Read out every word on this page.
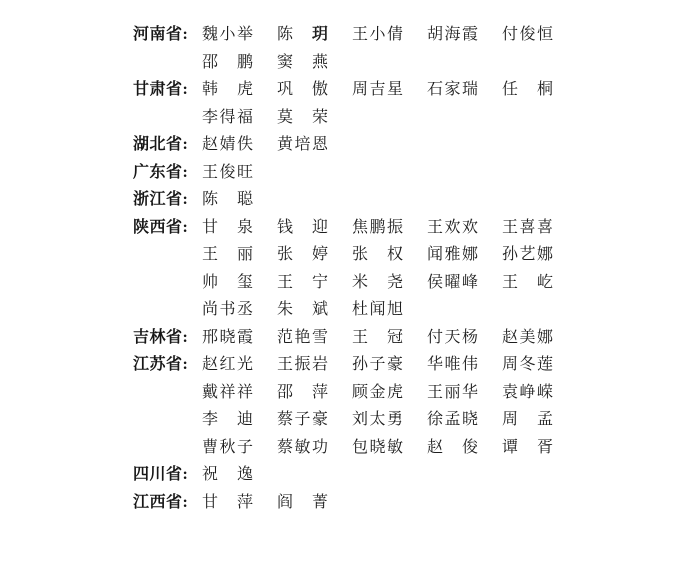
河南省: 魏 小 举 陈 玥 王 小 倩 胡 海 霞 付 俊 恒
邵 鹏 窦 燕
甘肃省: 韩 虎 巩 傲 周 吉 星 石 家 瑞 任 桐
李 得 福 莫 荣
湖北省: 赵 婧 佚 黄 培 恩
广东省: 王 俊 旺
浙江省: 陈 聪
陕西省: 甘 泉 钱 迎 焦 鹏 振 王 欢 欢 王 喜 喜
王 丽 张 婷 张 权 闻 雅 娜 孙 艺 娜
帅 玺 王 宁 米 尧 侯 曜 峰 王 屹
尚 书 丞 朱 斌 杜 闻 旭
吉林省: 邢 晓 霞 范 艳 雪 王 冠 付 天 杨 赵 美 娜
江苏省: 赵 红 光 王 振 岩 孙 子 豪 华 唯 伟 周 冬 莲
戴 祥 祥 邵 萍 顾 金 虎 王 丽 华 袁 峥 嵘
李 迪 蔡 子 豪 刘 太 勇 徐 孟 晓 周 孟
曹 秋 子 蔡 敏 功 包 晓 敏 赵 俊 谭 胥
四川省: 祝 逸
江西省: 甘 萍 阎 菁
